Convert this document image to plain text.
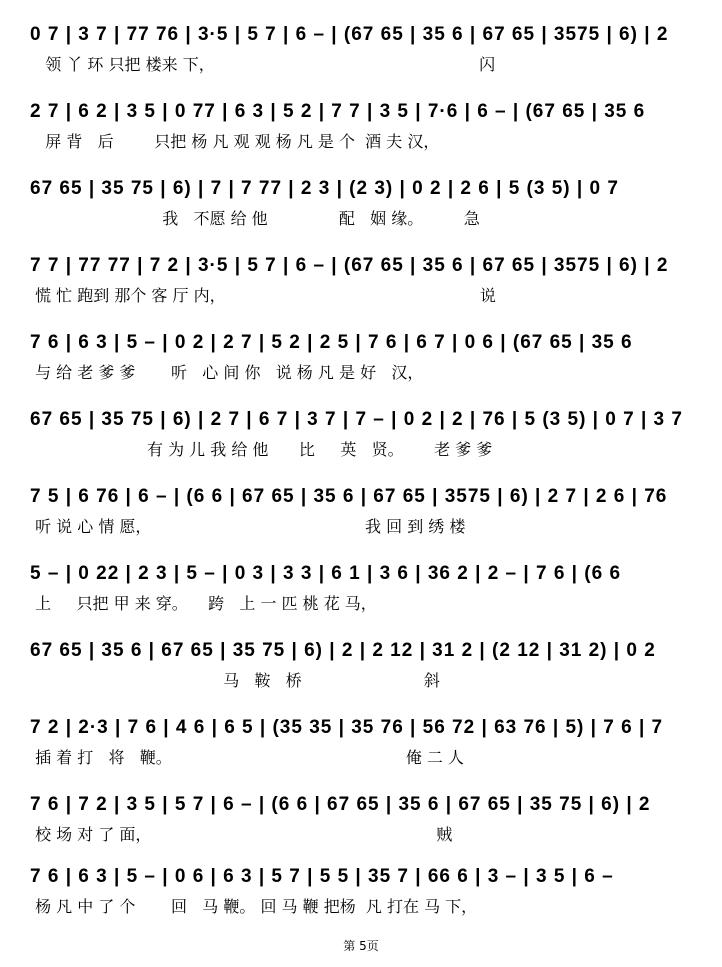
0 7 | 3 7 | 77 76 | 3·5 | 5 7 | 6 – | (67 65 | 35 6 | 67 65 | 3575 | 6) | 2
领 丫 环 只把 楼来 下，                                                    闪
2 7 | 6 2 | 3 5 | 0 77 | 6 3 | 5 2 | 7 7 | 3 5 | 7·6 | 6 – | (67 65 | 35 6
屏 背   后        只把 杨 凡 观 观 杨 凡 是 个  酒 夫 汉，
67 65 | 35 75 | 6) | 7 | 7 77 | 2 3 | (2 3) | 0 2 | 2 6 | 5 (3 5) | 0 7
我   不愿 给 他              配   姻 缘。        急
7 7 | 77 77 | 7 2 | 3·5 | 5 7 | 6 – | (67 65 | 35 6 | 67 65 | 3575 | 6) | 2
慌 忙 跑到 那个 客 厅 内，                                                  说
7 6 | 6 3 | 5 – | 0 2 | 2 7 | 5 2 | 2 5 | 7 6 | 6 7 | 0 6 | (67 65 | 35 6
与 给 老 爹 爹       听   心 间 你   说 杨 凡 是 好   汉，
67 65 | 35 75 | 6) | 2 7 | 6 7 | 3 7 | 7 – | 0 2 | 2 | 76 | 5 (3 5) | 0 7 | 3 7
有 为 儿 我 给 他      比     英   贤。      老 爹 爹
7 5 | 6 76 | 6 – | (6 6 | 67 65 | 35 6 | 67 65 | 3575 | 6) | 2 7 | 2 6 | 76
听 说 心 情 愿，                                          我 回 到 绣 楼
5 – | 0 22 | 2 3 | 5 – | 0 3 | 3 3 | 6 1 | 3 6 | 36 2 | 2 – | 7 6 | (6 6
上     只把 甲 来 穿。    跨   上 一 匹 桃 花 马，
67 65 | 35 6 | 67 65 | 35 75 | 6) | 2 | 2 12 | 31 2 | (2 12 | 31 2) | 0 2
马   鞍   桥                        斜
7 2 | 2·3 | 7 6 | 4 6 | 6 5 | (35 35 | 35 76 | 56 72 | 63 76 | 5) | 7 6 | 7
插 着 打   将   鞭。                                              俺 二 人
7 6 | 7 2 | 3 5 | 5 7 | 6 – | (6 6 | 67 65 | 35 6 | 67 65 | 35 75 | 6) | 2
校 场 对 了 面，                                                        贼
7 6 | 6 3 | 5 – | 0 6 | 6 3 | 5 7 | 5 5 | 35 7 | 66 6 | 3 – | 3 5 | 6 –
杨 凡 中 了 个       回   马 鞭。 回 马 鞭 把杨  凡 打在 马 下，
第 5页
